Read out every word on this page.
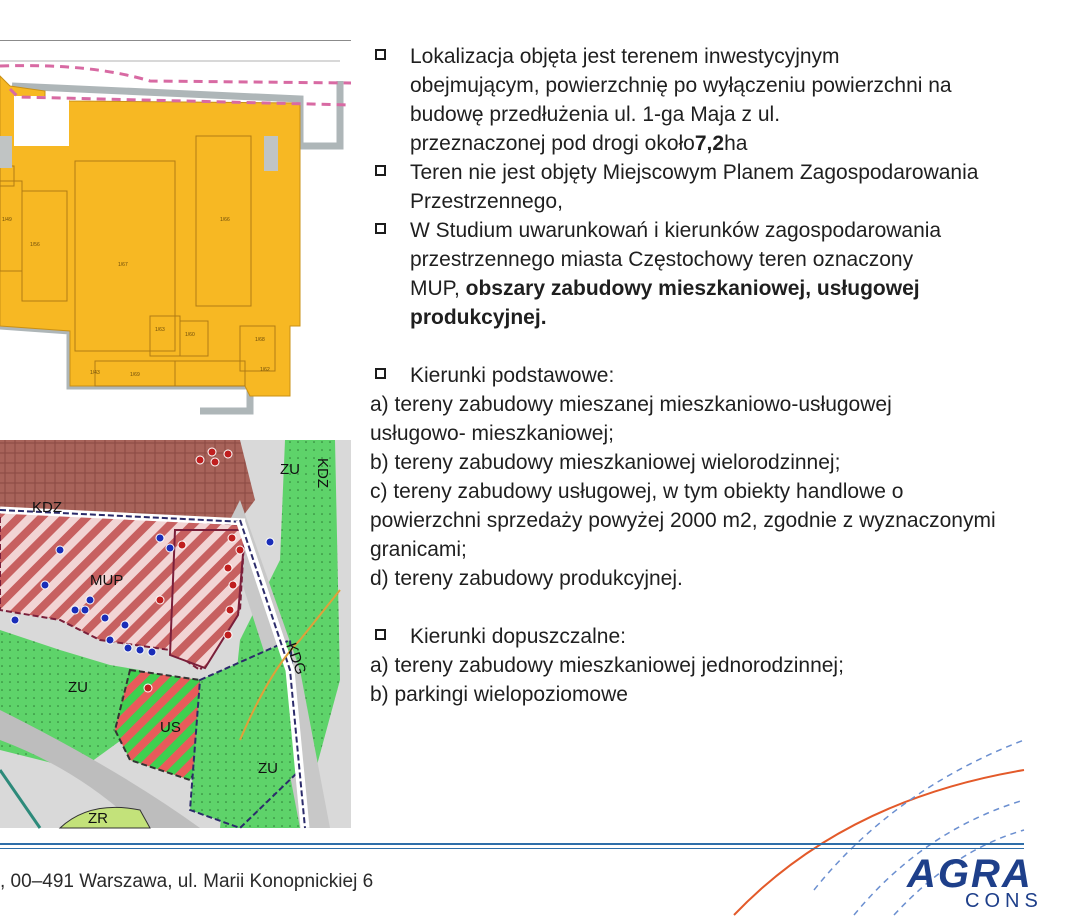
1/56
1/67
1/66
1/63
1/49
1/60
1/69
1/68
1/62
1/43
KDZ
ZU
MUP
ZU
US
ZU
ZR
KDZ
KDG
Lokalizacja objęta jest terenem inwestycyjnym
obejmującym, powierzchnię po wyłączeniu powierzchni na
budowę przedłużenia ul. 1-ga Maja z ul.
przeznaczonej pod drogi około 7,2 ha
Teren nie jest objęty Miejscowym Planem Zagospodarowania
Przestrzennego,
W Studium uwarunkowań i kierunków zagospodarowania
przestrzennego miasta Częstochowy teren oznaczony
MUP,
obszary zabudowy mieszkaniowej, usługowej
produkcyjnej.
Kierunki podstawowe:
a) tereny zabudowy mieszanej mieszkaniowo-usługowej
usługowo- mieszkaniowej;
b) tereny zabudowy mieszkaniowej wielorodzinnej;
c) tereny zabudowy usługowej, w tym obiekty handlowe o
powierzchni sprzedaży powyżej 2000 m2, zgodnie z wyznaczonymi
granicami;
d) tereny zabudowy produkcyjnej.
Kierunki dopuszczalne:
a) tereny zabudowy mieszkaniowej jednorodzinnej;
b) parkingi wielopoziomowe
, 00–491 Warszawa, ul. Marii Konopnickiej 6	AGRA
CONS
